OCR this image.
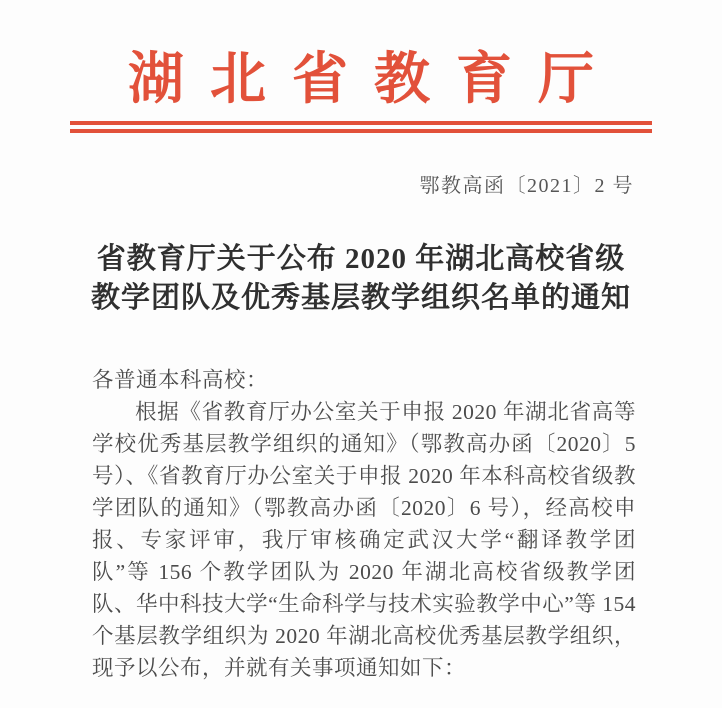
湖北省教育厅
鄂教高函〔2021〕2 号
省教育厅关于公布 2020 年湖北高校省级
教学团队及优秀基层教学组织名单的通知

各普通本科高校：

根据《省教育厅办公室关于申报 2020 年湖北省高等学校优秀基层教学组织的通知》（鄂教高办函〔2020〕5 号）、《省教育厅办公室关于申报 2020 年本科高校省级教学团队的通知》（鄂教高办函〔2020〕6 号），经高校申报、专家评审，我厅审核确定武汉大学“翻译教学团队”等 156 个教学团队为 2020 年湖北高校省级教学团队、华中科技大学“生命科学与技术实验教学中心”等 154 个基层教学组织为 2020 年湖北高校优秀基层教学组织，现予以公布，并就有关事项通知如下：
